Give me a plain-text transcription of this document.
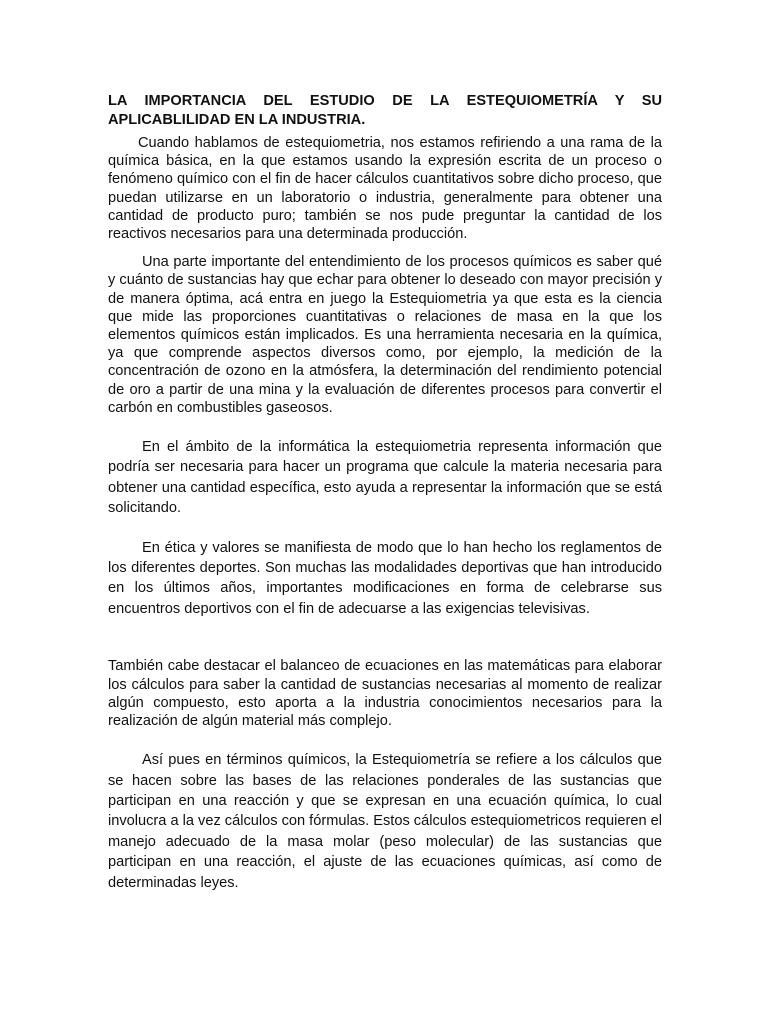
LA IMPORTANCIA DEL ESTUDIO DE LA ESTEQUIOMETRÍA Y SU APLICABLILIDAD EN LA INDUSTRIA.

Cuando hablamos de estequiometria, nos estamos refiriendo a una rama de la química básica, en la que estamos usando la expresión escrita de un proceso o fenómeno químico con el fin de hacer cálculos cuantitativos sobre dicho proceso, que puedan utilizarse en un laboratorio o industria, generalmente para obtener una cantidad de producto puro; también se nos pude preguntar la cantidad de los reactivos necesarios para una determinada producción.

Una parte importante del entendimiento de los procesos químicos es saber qué y cuánto de sustancias hay que echar para obtener lo deseado con mayor precisión y de manera óptima, acá entra en juego la Estequiometria ya que esta es la ciencia que mide las proporciones cuantitativas o relaciones de masa en la que los elementos químicos están implicados. Es una herramienta necesaria en la química, ya que comprende aspectos diversos como, por ejemplo, la medición de la concentración de ozono en la atmósfera, la determinación del rendimiento potencial de oro a partir de una mina y la evaluación de diferentes procesos para convertir el carbón en combustibles gaseosos.

En el ámbito de la informática la estequiometria representa información que podría ser necesaria para hacer un programa que calcule la materia necesaria para obtener una cantidad específica, esto ayuda a representar la información que se está solicitando.

En ética y valores se manifiesta de modo que lo han hecho los reglamentos de los diferentes deportes. Son muchas las modalidades deportivas que han introducido en los últimos años, importantes modificaciones en forma de celebrarse sus encuentros deportivos con el fin de adecuarse a las exigencias televisivas.

También cabe destacar el balanceo de ecuaciones en las matemáticas para elaborar los cálculos para saber la cantidad de sustancias necesarias al momento de realizar algún compuesto, esto aporta a la industria conocimientos necesarios para la realización de algún material más complejo.

Así pues en términos químicos, la Estequiometría se refiere a los cálculos que se hacen sobre las bases de las relaciones ponderales de las sustancias que participan en una reacción y que se expresan en una ecuación química, lo cual involucra a la vez cálculos con fórmulas. Estos cálculos estequiometricos requieren el manejo adecuado de la masa molar (peso molecular) de las sustancias que participan en una reacción, el ajuste de las ecuaciones químicas, así como de determinadas leyes.
